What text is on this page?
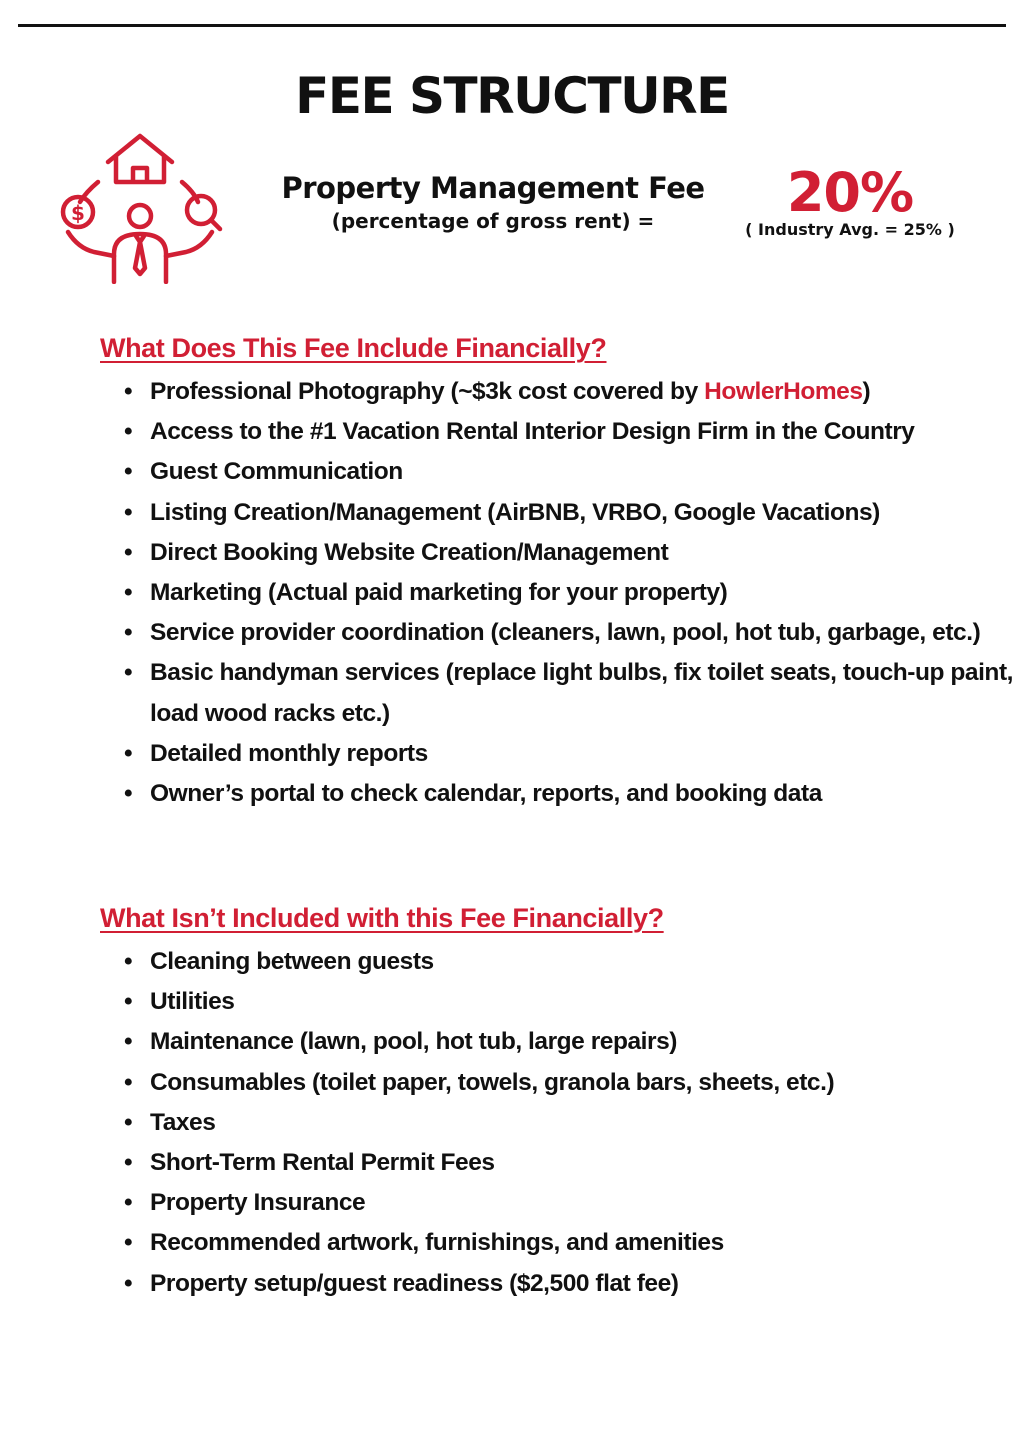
FEE STRUCTURE
$
Property Management Fee
(percentage of gross rent) =	20%
( Industry Avg. = 25% )
What Does This Fee Include Financially?
• Professional Photography (~$3k cost covered by HowlerHomes)
• Access to the #1 Vacation Rental Interior Design Firm in the Country
• Guest Communication
• Listing Creation/Management (AirBNB, VRBO, Google Vacations)
• Direct Booking Website Creation/Management
• Marketing (Actual paid marketing for your property)
• Service provider coordination (cleaners, lawn, pool, hot tub, garbage, etc.)
• Basic handyman services (replace light bulbs, fix toilet seats, touch-up paint, load wood racks etc.)
• Detailed monthly reports
• Owner’s portal to check calendar, reports, and booking data
What Isn’t Included with this Fee Financially?
• Cleaning between guests
• Utilities
• Maintenance (lawn, pool, hot tub, large repairs)
• Consumables (toilet paper, towels, granola bars, sheets, etc.)
• Taxes
• Short-Term Rental Permit Fees
• Property Insurance
• Recommended artwork, furnishings, and amenities
• Property setup/guest readiness ($2,500 flat fee)
